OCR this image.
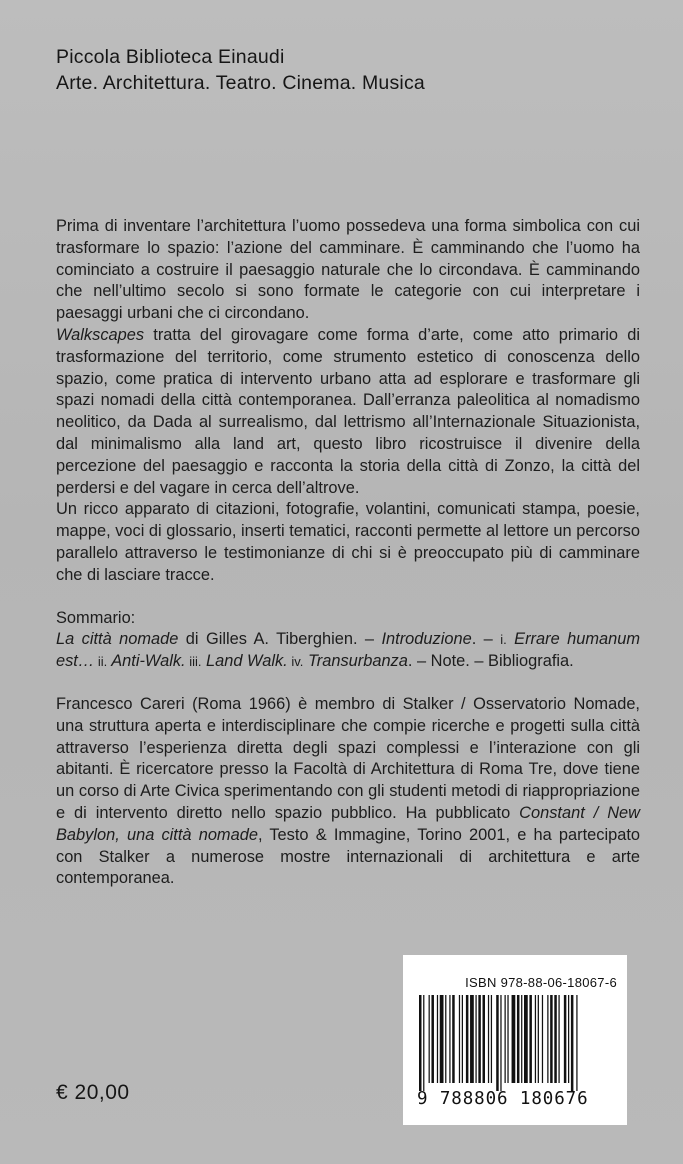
Piccola Biblioteca Einaudi
Arte. Architettura. Teatro. Cinema. Musica

Prima di inventare l’architettura l’uomo possedeva una forma simbolica con cui trasformare lo spazio: l’azione del camminare. È camminando che l’uomo ha cominciato a costruire il paesaggio naturale che lo circondava. È camminando che nell’ultimo secolo si sono formate le categorie con cui interpretare i paesaggi urbani che ci circondano.

Walkscapes tratta del girovagare come forma d’arte, come atto primario di trasformazione del territorio, come strumento estetico di conoscenza dello spazio, come pratica di intervento urbano atta ad esplorare e trasformare gli spazi nomadi della città contemporanea. Dall’erranza paleolitica al nomadismo neolitico, da Dada al surrealismo, dal lettrismo all’Internazionale Situazionista, dal minimalismo alla land art, questo libro ricostruisce il divenire della percezione del paesaggio e racconta la storia della città di Zonzo, la città del perdersi e del vagare in cerca dell’altrove.

Un ricco apparato di citazioni, fotografie, volantini, comunicati stampa, poesie, mappe, voci di glossario, inserti tematici, racconti permette al lettore un percorso parallelo attraverso le testimonianze di chi si è preoccupato più di camminare che di lasciare tracce.

Sommario:

La città nomade di Gilles A. Tiberghien. – Introduzione. – i. Errare humanum est… ii. Anti-Walk. iii. Land Walk. iv. Transurbanza. – Note. – Bibliografia.

Francesco Careri (Roma 1966) è membro di Stalker / Osservatorio Nomade, una struttura aperta e interdisciplinare che compie ricerche e progetti sulla città attraverso l’esperienza diretta degli spazi complessi e l’interazione con gli abitanti. È ricercatore presso la Facoltà di Architettura di Roma Tre, dove tiene un corso di Arte Civica sperimentando con gli studenti metodi di riappropriazione e di intervento diretto nello spazio pubblico. Ha pubblicato Constant / New Babylon, una città nomade, Testo & Immagine, Torino 2001, e ha partecipato con Stalker a numerose mostre internazionali di architettura e arte contemporanea.

ISBN 978-88-06-18067-6
9 788806 180676
€ 20,00
